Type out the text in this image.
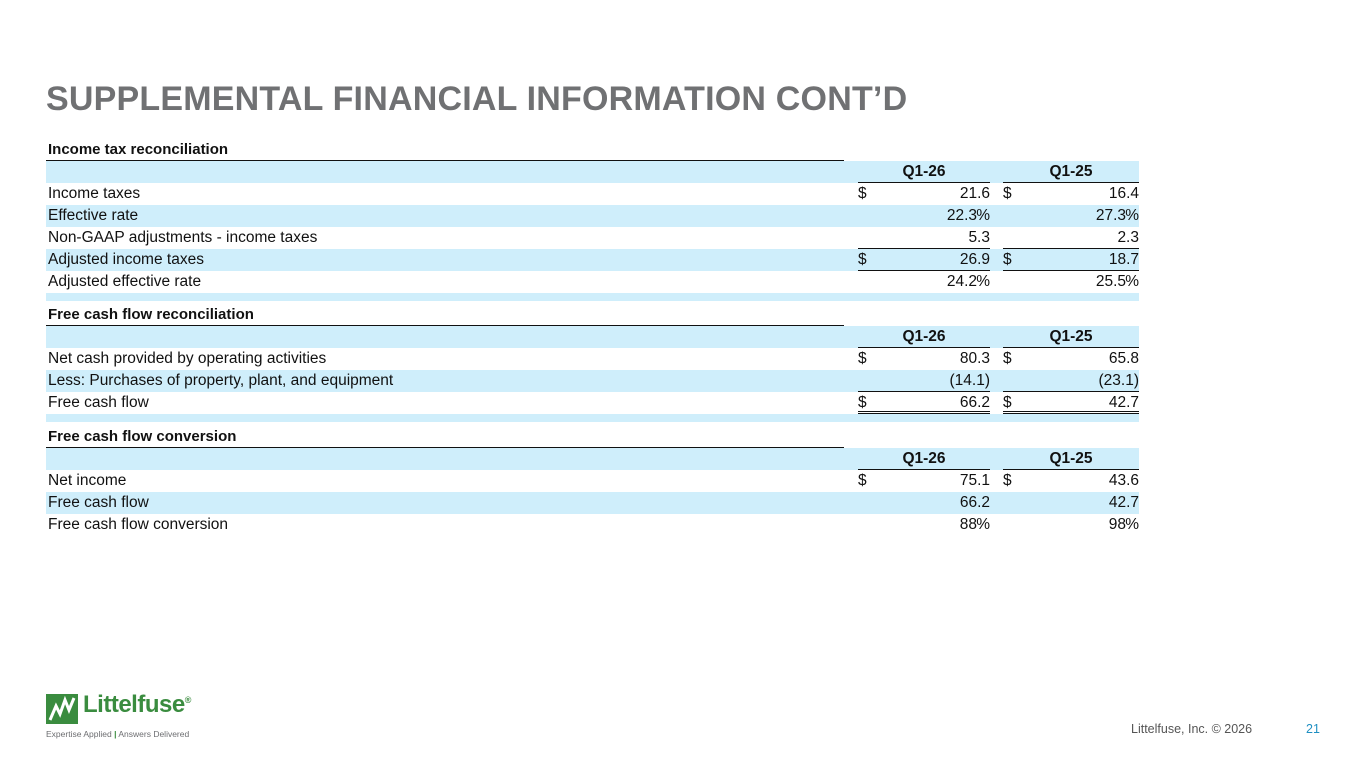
SUPPLEMENTAL FINANCIAL INFORMATION CONT’D
Income tax reconciliation
Q1-26	Q1-25
Income taxes	$	21.6 $	16.4
Effective rate	22.3 %	27.3 %
Non-GAAP adjustments - income taxes	5.3	2.3
Adjusted income taxes	$	26.9 $	18.7
Adjusted effective rate	24.2 %	25.5 %
Free cash flow reconciliation
Q1-26	Q1-25
Net cash provided by operating activities	$	80.3 $	65.8
Less: Purchases of property, plant, and equipment	(14.1)	(23.1)
Free cash flow	$	66.2 $	42.7
Free cash flow conversion
Q1-26	Q1-25
Net income	$	75.1 $	43.6
Free cash flow	66.2	42.7
Free cash flow conversion	88 %	98 %
Littelfuse®
Expertise Applied | Answers Delivered	Littelfuse, Inc. © 2026	21
